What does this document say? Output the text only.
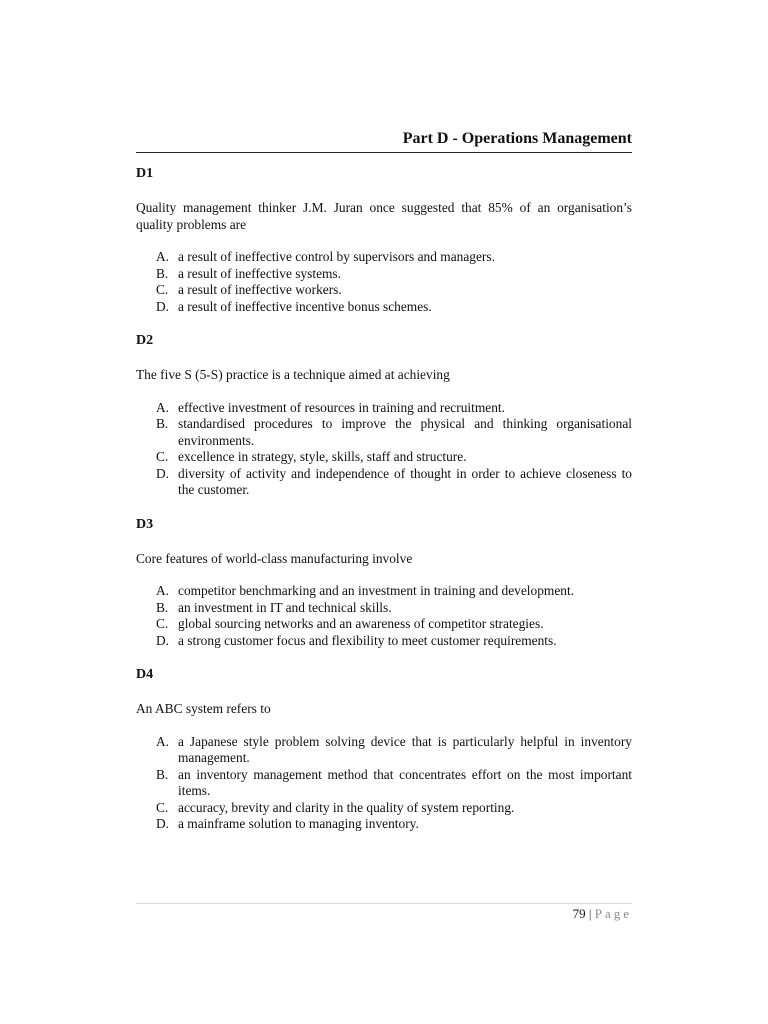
Part D - Operations Management
D1
Quality management thinker J.M. Juran once suggested that 85% of an organisation’s quality problems are
A. a result of ineffective control by supervisors and managers.
B. a result of ineffective systems.
C. a result of ineffective workers.
D. a result of ineffective incentive bonus schemes.
D2
The five S (5-S) practice is a technique aimed at achieving
A. effective investment of resources in training and recruitment.
B. standardised procedures to improve the physical and thinking organisational environments.
C. excellence in strategy, style, skills, staff and structure.
D. diversity of activity and independence of thought in order to achieve closeness to the customer.
D3
Core features of world-class manufacturing involve
A. competitor benchmarking and an investment in training and development.
B. an investment in IT and technical skills.
C. global sourcing networks and an awareness of competitor strategies.
D. a strong customer focus and flexibility to meet customer requirements.
D4
An ABC system refers to
A. a Japanese style problem solving device that is particularly helpful in inventory management.
B. an inventory management method that concentrates effort on the most important items.
C. accuracy, brevity and clarity in the quality of system reporting.
D. a mainframe solution to managing inventory.
79 | Page
